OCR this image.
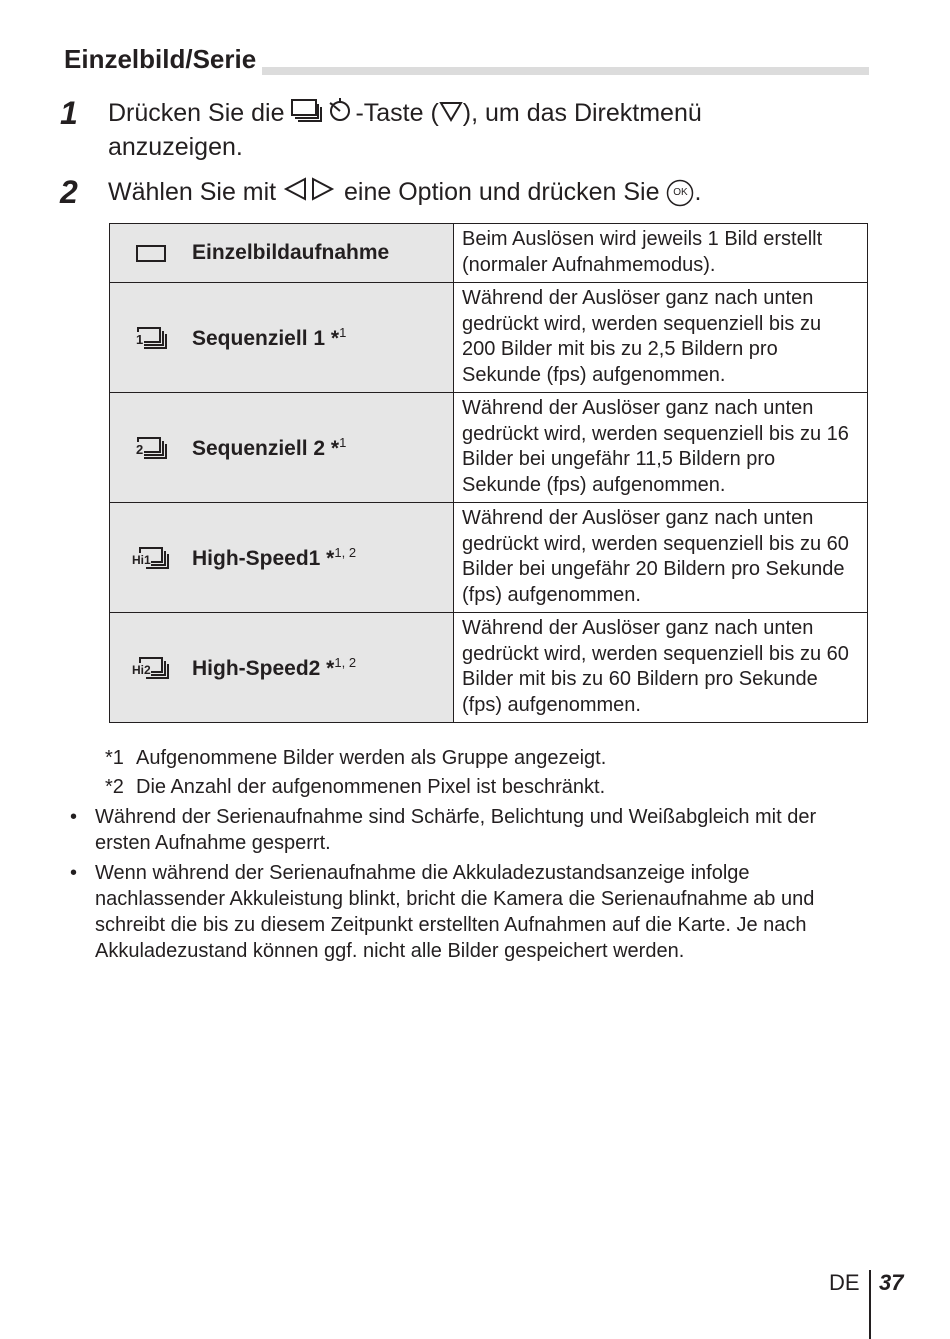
Einzelbild/Serie
1 Drücken Sie die	-Taste ( ), um das Direktmenü anzuzeigen.
2 Wählen Sie mit  eine Option und drücken Sie OK .
Einzelbildaufnahme	Beim Auslösen wird jeweils 1 Bild erstellt (normaler Aufnahmemodus).

1 Sequenziell 1 *$^1$	Während der Auslöser ganz nach unten gedrückt wird, werden sequenziell bis zu 200 Bilder mit bis zu 2,5 Bildern pro Sekunde (fps) aufgenommen.

2 Sequenziell 2 *$^1$	Während der Auslöser ganz nach unten gedrückt wird, werden sequenziell bis zu 16 Bilder bei ungefähr 11,5 Bildern pro Sekunde (fps) aufgenommen.

Hi1 High-Speed1 *$^{1, 2}$	Während der Auslöser ganz nach unten gedrückt wird, werden sequenziell bis zu 60 Bilder bei ungefähr 20 Bildern pro Sekunde (fps) aufgenommen.

Hi2 High-Speed2 *$^{1, 2}$	Während der Auslöser ganz nach unten gedrückt wird, werden sequenziell bis zu 60 Bilder mit bis zu 60 Bildern pro Sekunde (fps) aufgenommen.
*1 Aufgenommene Bilder werden als Gruppe angezeigt.
*2 Die Anzahl der aufgenommenen Pixel ist beschränkt.
• Während der Serienaufnahme sind Schärfe, Belichtung und Weißabgleich mit der ersten Aufnahme gesperrt.
• Wenn während der Serienaufnahme die Akkuladezustandsanzeige infolge nachlassender Akkuleistung blinkt, bricht die Kamera die Serienaufnahme ab und schreibt die bis zu diesem Zeitpunkt erstellten Aufnahmen auf die Karte. Je nach Akkuladezustand können ggf. nicht alle Bilder gespeichert werden.
DE 37
